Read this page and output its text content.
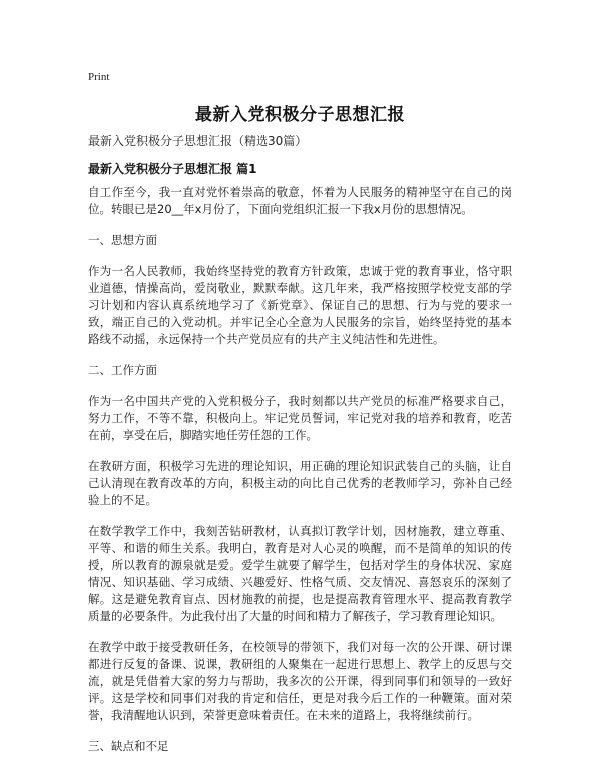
Print
最新入党积极分子思想汇报
最新入党积极分子思想汇报（精选30篇）
最新入党积极分子思想汇报 篇1

自工作至今，我一直对党怀着崇高的敬意，怀着为人民服务的精神坚守在自己的岗位。转眼已是20__年x月份了，下面向党组织汇报一下我x月份的思想情况。

一、思想方面

作为一名人民教师，我始终坚持党的教育方针政策，忠诚于党的教育事业，恪守职业道德，情操高尚，爱岗敬业，默默奉献。这几年来，我严格按照学校党支部的学习计划和内容认真系统地学习了《新党章》、保证自己的思想、行为与党的要求一致，端正自己的入党动机。并牢记全心全意为人民服务的宗旨，始终坚持党的基本路线不动摇，永远保持一个共产党员应有的共产主义纯洁性和先进性。

二、工作方面

作为一名中国共产党的入党积极分子，我时刻都以共产党员的标准严格要求自己，努力工作，不等不靠，积极向上。牢记党员誓词，牢记党对我的培养和教育，吃苦在前，享受在后，脚踏实地任劳任怨的工作。

在教研方面，积极学习先进的理论知识，用正确的理论知识武装自己的头脑，让自己认清现在教育改革的方向，积极主动的向比自己优秀的老教师学习，弥补自己经验上的不足。

在数学教学工作中，我刻苦钻研教材，认真拟订教学计划，因材施教，建立尊重、平等、和谐的师生关系。我明白，教育是对人心灵的唤醒，而不是简单的知识的传授，所以教育的源泉就是爱。爱学生就要了解学生，包括对学生的身体状况、家庭情况、知识基础、学习成绩、兴趣爱好、性格气质、交友情况、喜怒哀乐的深刻了解。这是避免教育盲点、因材施教的前提，也是提高教育管理水平、提高教育教学质量的必要条件。为此我付出了大量的时间和精力了解孩子，学习教育理论知识。

在教学中敢于接受教研任务，在校领导的带领下，我们对每一次的公开课、研讨课都进行反复的备课、说课，教研组的人聚集在一起进行思想上、教学上的反思与交流，就是凭借着大家的努力与帮助，我多次的公开课，得到同事们和领导的一致好评。这是学校和同事们对我的肯定和信任，更是对我今后工作的一种鞭策。面对荣誉，我清醒地认识到，荣誉更意味着责任。在未来的道路上，我将继续前行。

三、缺点和不足
